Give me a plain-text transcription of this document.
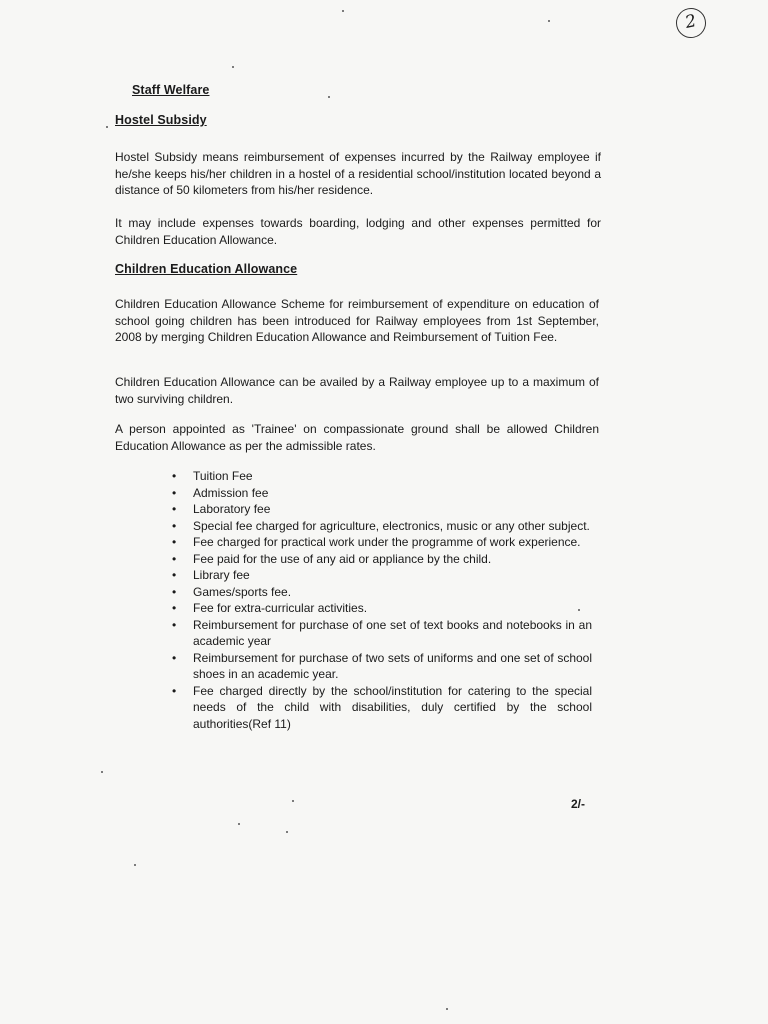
2
Staff Welfare
Hostel Subsidy

Hostel Subsidy means reimbursement of expenses incurred by the Railway employee if he/she keeps his/her children in a hostel of a residential school/institution located beyond a distance of 50 kilometers from his/her residence.

It may include expenses towards boarding, lodging and other expenses permitted for Children Education Allowance.

Children Education Allowance

Children Education Allowance Scheme for reimbursement of expenditure on education of school going children has been introduced for Railway employees from 1st September, 2008 by merging Children Education Allowance and Reimbursement of Tuition Fee.

Children Education Allowance can be availed by a Railway employee up to a maximum of two surviving children.

A person appointed as 'Trainee' on compassionate ground shall be allowed Children Education Allowance as per the admissible rates.

• Tuition Fee
• Admission fee
• Laboratory fee
• Special fee charged for agriculture, electronics, music or any other subject.
• Fee charged for practical work under the programme of work experience.
• Fee paid for the use of any aid or appliance by the child.
• Library fee
• Games/sports fee.
• Fee for extra-curricular activities.
• Reimbursement for purchase of one set of text books and notebooks in an academic year
• Reimbursement for purchase of two sets of uniforms and one set of school shoes in an academic year.
• Fee charged directly by the school/institution for catering to the special needs of the child with disabilities, duly certified by the school authorities(Ref 11)
2/-
